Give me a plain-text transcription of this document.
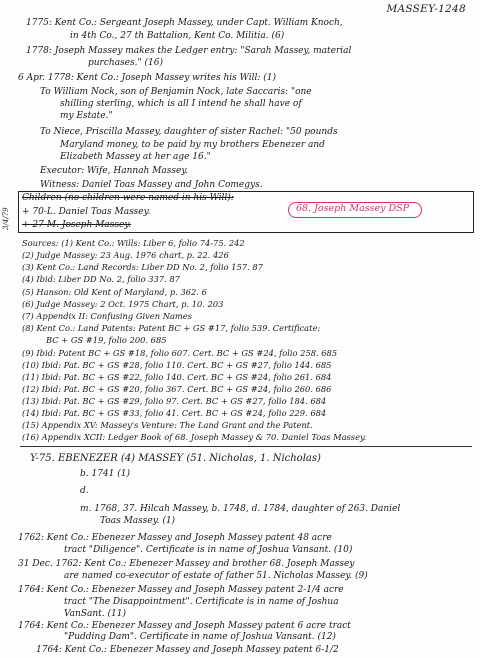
MASSEY-1248
1775: Kent Co.: Sergeant Joseph Massey, under Capt. William Knoch,
in 4th Co., 27 th Battalion, Kent Co. Militia. (6)
1778: Joseph Massey makes the Ledger entry: "Sarah Massey, material
purchases." (16)
6 Apr. 1778: Kent Co.: Joseph Massey writes his Will: (1)
To William Nock, son of Benjamin Nock, late Saccaris: "one
shilling sterling, which is all I intend he shall have of
my Estate."
To Niece, Priscilla Massey, daughter of sister Rachel: "50 pounds
Maryland money, to be paid by my brothers Ebenezer and
Elizabeth Massey at her age 16."
Executor: Wife, Hannah Massey.
Witness: Daniel Toas Massey and John Comegys.
3/4/79
Children (no children were named in his Will):
+ 70-L. Daniel Toas Massey.
+ 27-M. Joseph Massey.
68. Joseph Massey DSP
Sources: (1) Kent Co.: Wills: Liber 6, folio 74-75. 242
(2) Judge Massey: 23 Aug. 1976 chart, p. 22. 426
(3) Kent Co.: Land Records: Liber DD No. 2, folio 157. 87
(4) Ibid: Liber DD No. 2, folio 337. 87
(5) Hanson: Old Kent of Maryland, p. 362. 6
(6) Judge Massey: 2 Oct. 1975 Chart, p. 10. 203
(7) Appendix II: Confusing Given Names
(8) Kent Co.: Land Patents: Patent BC + GS #17, folio 539. Certificate:
BC + GS #19, folio 200. 685
(9) Ibid: Patent BC + GS #18, folio 607. Cert. BC + GS #24, folio 258. 685
(10) Ibid: Pat. BC + GS #28, folio 110. Cert. BC + GS #27, folio 144. 685
(11) Ibid: Pat. BC + GS #22, folio 140. Cert. BC + GS #24, folio 261. 684
(12) Ibid: Pat. BC + GS #20, folio 367. Cert. BC + GS #24, folio 260. 686
(13) Ibid: Pat. BC + GS #29, folio 97. Cert. BC + GS #27, folio 184. 684
(14) Ibid: Pat. BC + GS #33, folio 41. Cert. BC + GS #24, folio 229. 684
(15) Appendix XV: Massey's Venture: The Land Grant and the Patent.
(16) Appendix XCII: Ledger Book of 68. Joseph Massey & 70. Daniel Toas Massey.
Y-75. EBENEZER (4) MASSEY (51. Nicholas, 1. Nicholas)
b. 1741 (1)
d.
m. 1768, 37. Hilcah Massey, b. 1748, d. 1784, daughter of 263. Daniel
Toas Massey. (1)
1762: Kent Co.: Ebenezer Massey and Joseph Massey patent 48 acre
tract "Diligence". Certificate is in name of Joshua Vansant. (10)
31 Dec. 1762: Kent Co.: Ebenezer Massey and brother 68. Joseph Massey
are named co-executor of estate of father 51. Nicholas Massey. (9)
1764: Kent Co.: Ebenezer Massey and Joseph Massey patent 2-1/4 acre
tract "The Disappointment". Certificate is in name of Joshua
VanSant. (11)
1764: Kent Co.: Ebenezer Massey and Joseph Massey patent 6 acre tract
"Pudding Dam". Certificate in name of Joshua Vansant. (12)
1764: Kent Co.: Ebenezer Massey and Joseph Massey patent 6-1/2
